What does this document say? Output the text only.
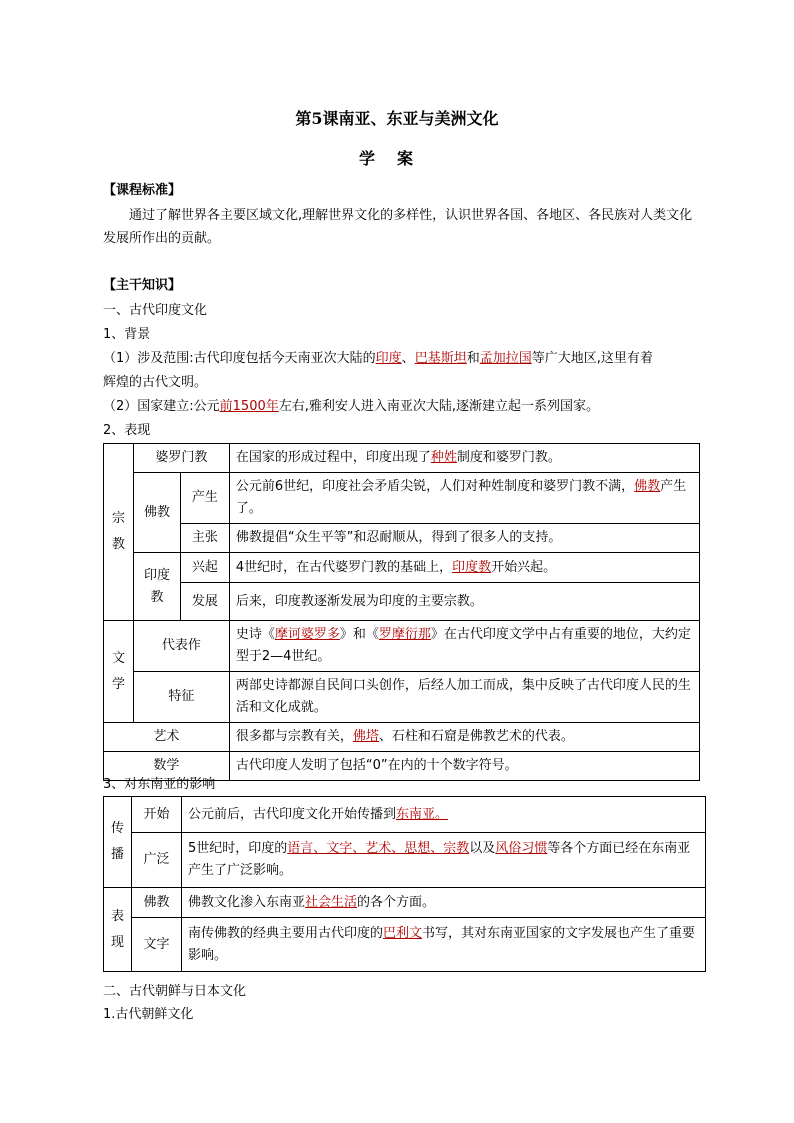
第5课南亚、东亚与美洲文化
学案
【课程标准】
通过了解世界各主要区域文化,理解世界文化的多样性，认识世界各国、各地区、各民族对人类文化发展所作出的贡献。
【主干知识】
一、古代印度文化
1、背景
（1）涉及范围:古代印度包括今天南亚次大陆的印度、巴基斯坦和孟加拉国等广大地区,这里有着
辉煌的古代文明。
（2）国家建立:公元前1500年左右,雅利安人进入南亚次大陆,逐渐建立起一系列国家。
2、表现
宗教	婆罗门教		在国家的形成过程中，印度出现了种姓制度和婆罗门教。
	佛教	产生	公元前6世纪，印度社会矛盾尖锐，人们对种姓制度和婆罗门教不满，佛教产生了。
		主张	佛教提倡“众生平等”和忍耐顺从，得到了很多人的支持。
	印度教	兴起	4世纪时，在古代婆罗门教的基础上，印度教开始兴起。
		发展	后来，印度教逐渐发展为印度的主要宗教。
文学	代表作		史诗《摩诃婆罗多》和《罗摩衍那》在古代印度文学中占有重要的地位，大约定型于2—4世纪。
	特征		两部史诗都源自民间口头创作，后经人加工而成，集中反映了古代印度人民的生活和文化成就。
艺术			很多都与宗教有关，佛塔、石柱和石窟是佛教艺术的代表。
数学			古代印度人发明了包括“0”在内的十个数字符号。
3、对东南亚的影响
传播	开始	公元前后，古代印度文化开始传播到东南亚。
	广泛	5世纪时，印度的语言、文字、艺术、思想、宗教以及风俗习惯等各个方面已经在东南亚产生了广泛影响。
表现	佛教	佛教文化渗入东南亚社会生活的各个方面。
	文字	南传佛教的经典主要用古代印度的巴利文书写，其对东南亚国家的文字发展也产生了重要影响。
二、古代朝鲜与日本文化
1.古代朝鲜文化
